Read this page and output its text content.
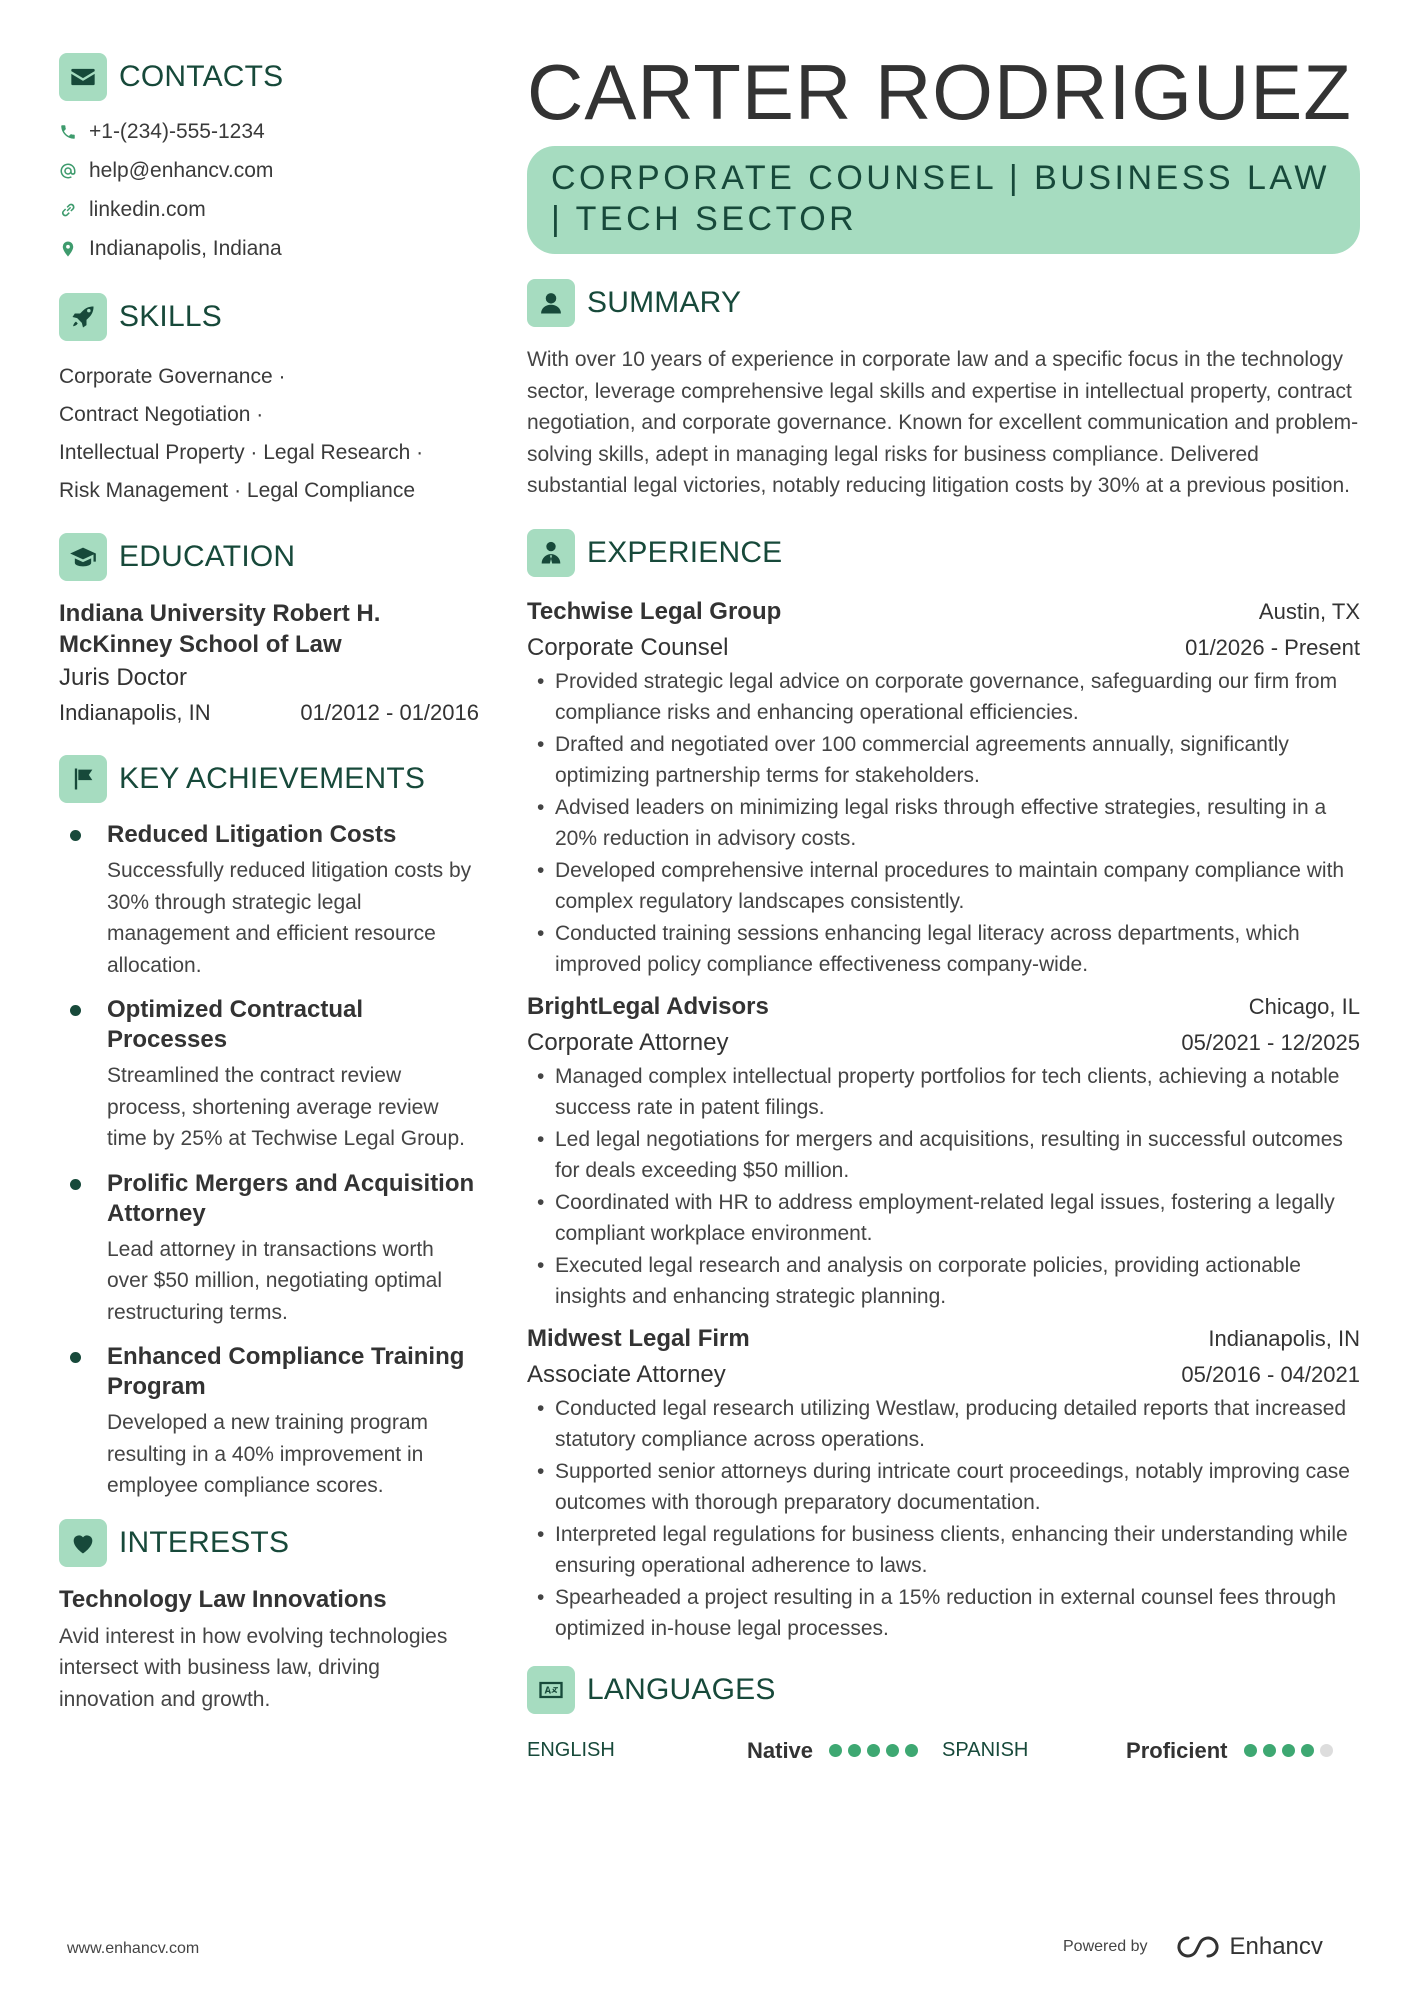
CONTACTS
+1-(234)-555-1234
help@enhancv.com
linkedin.com
Indianapolis, Indiana
SKILLS
Corporate Governance ·
Contract Negotiation ·
Intellectual Property · Legal Research ·
Risk Management · Legal Compliance
EDUCATION
Indiana University Robert H. McKinney School of Law
Juris Doctor
Indianapolis, IN	01/2012 - 01/2016
KEY ACHIEVEMENTS
Reduced Litigation Costs
Successfully reduced litigation costs by 30% through strategic legal management and efficient resource allocation.
Optimized Contractual Processes
Streamlined the contract review process, shortening average review time by 25% at Techwise Legal Group.
Prolific Mergers and Acquisition Attorney
Lead attorney in transactions worth over $50 million, negotiating optimal restructuring terms.
Enhanced Compliance Training Program
Developed a new training program resulting in a 40% improvement in employee compliance scores.
INTERESTS
Technology Law Innovations
Avid interest in how evolving technologies intersect with business law, driving innovation and growth.
CARTER RODRIGUEZ
CORPORATE COUNSEL | BUSINESS LAW | TECH SECTOR
SUMMARY
With over 10 years of experience in corporate law and a specific focus in the technology sector, leverage comprehensive legal skills and expertise in intellectual property, contract negotiation, and corporate governance. Known for excellent communication and problem-solving skills, adept in managing legal risks for business compliance. Delivered substantial legal victories, notably reducing litigation costs by 30% at a previous position.
EXPERIENCE
Techwise Legal Group	Austin, TX
Corporate Counsel	01/2026 - Present
• Provided strategic legal advice on corporate governance, safeguarding our firm from compliance risks and enhancing operational efficiencies.
• Drafted and negotiated over 100 commercial agreements annually, significantly optimizing partnership terms for stakeholders.
• Advised leaders on minimizing legal risks through effective strategies, resulting in a 20% reduction in advisory costs.
• Developed comprehensive internal procedures to maintain company compliance with complex regulatory landscapes consistently.
• Conducted training sessions enhancing legal literacy across departments, which improved policy compliance effectiveness company-wide.
BrightLegal Advisors	Chicago, IL
Corporate Attorney	05/2021 - 12/2025
• Managed complex intellectual property portfolios for tech clients, achieving a notable success rate in patent filings.
• Led legal negotiations for mergers and acquisitions, resulting in successful outcomes for deals exceeding $50 million.
• Coordinated with HR to address employment-related legal issues, fostering a legally compliant workplace environment.
• Executed legal research and analysis on corporate policies, providing actionable insights and enhancing strategic planning.
Midwest Legal Firm	Indianapolis, IN
Associate Attorney	05/2016 - 04/2021
• Conducted legal research utilizing Westlaw, producing detailed reports that increased statutory compliance across operations.
• Supported senior attorneys during intricate court proceedings, notably improving case outcomes with thorough preparatory documentation.
• Interpreted legal regulations for business clients, enhancing their understanding while ensuring operational adherence to laws.
• Spearheaded a project resulting in a 15% reduction in external counsel fees through optimized in-house legal processes.
LANGUAGES
ENGLISH	Native	SPANISH	Proficient
www.enhancv.com	Powered by	Enhancv
